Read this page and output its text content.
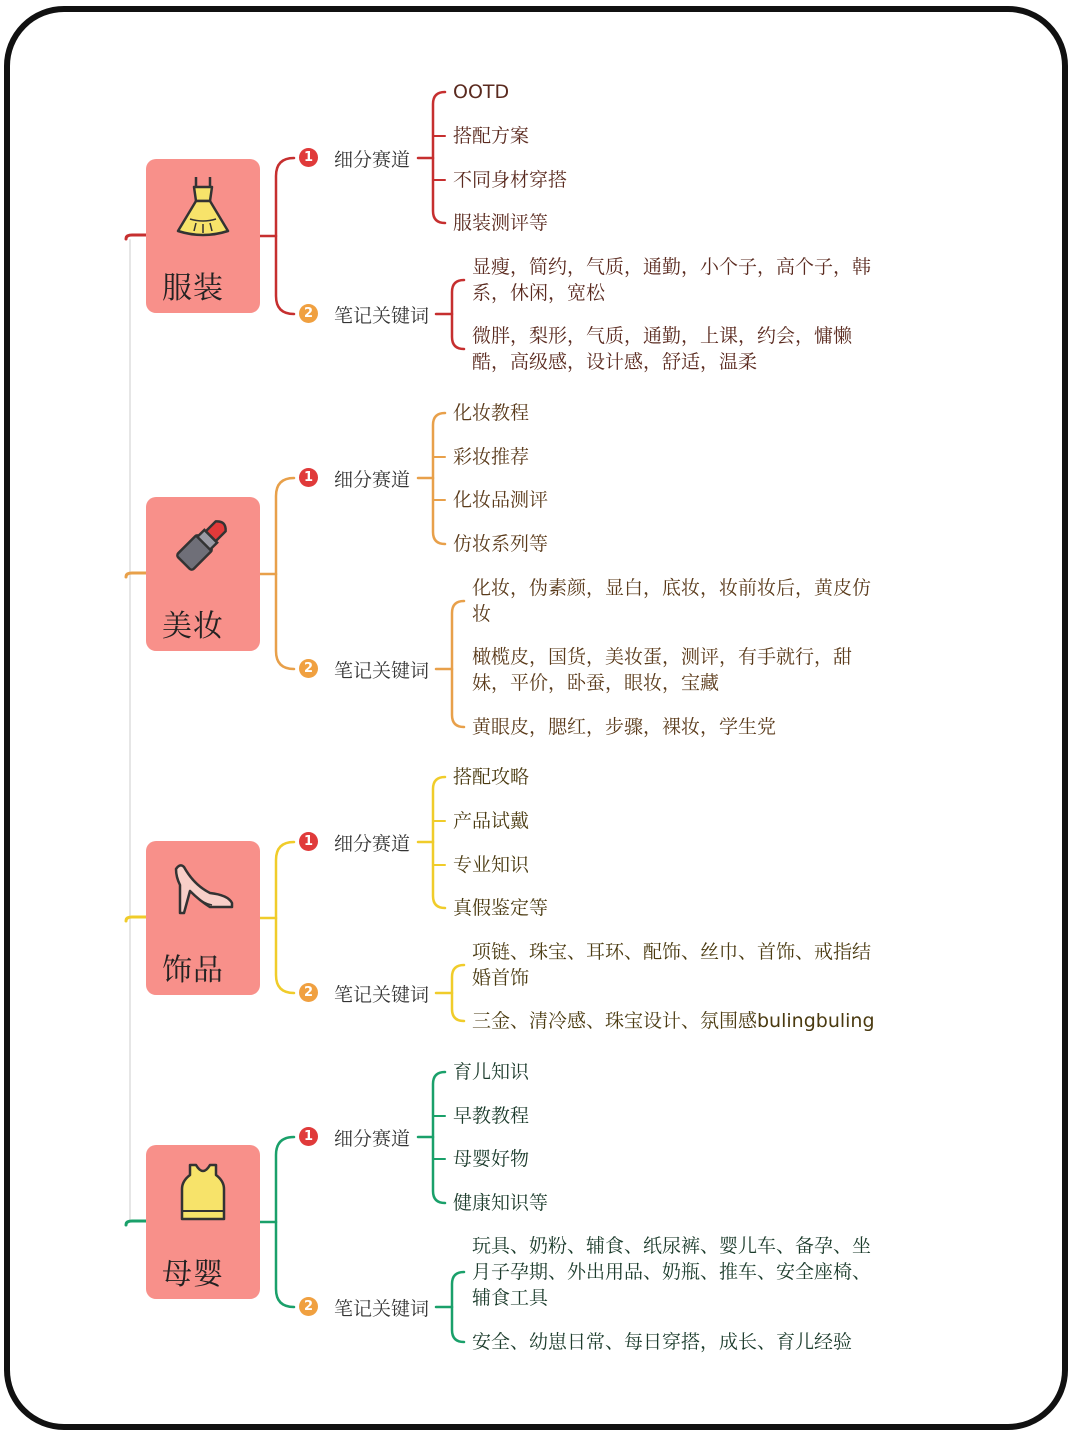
服装
1 细分赛道
OOTD
搭配方案
不同身材穿搭
服装测评等
2 笔记关键词
显瘦，简约，气质，通勤，小个子，高个子，韩
系，休闲，宽松
微胖，梨形，气质，通勤，上课，约会，慵懒
酷，高级感，设计感，舒适，温柔
美妆
1 细分赛道
化妆教程
彩妆推荐
化妆品测评
仿妆系列等
2 笔记关键词
化妆，伪素颜，显白，底妆，妆前妆后，黄皮仿
妆
橄榄皮，国货，美妆蛋，测评，有手就行，甜
妹，平价，卧蚕，眼妆，宝藏
黄眼皮，腮红，步骤，裸妆，学生党
饰品
1 细分赛道
搭配攻略
产品试戴
专业知识
真假鉴定等
2 笔记关键词
项链、珠宝、耳环、配饰、丝巾、首饰、戒指结
婚首饰
三金、清冷感、珠宝设计、氛围感bulingbuling
母婴
1 细分赛道
育儿知识
早教教程
母婴好物
健康知识等
2 笔记关键词
玩具、奶粉、辅食、纸尿裤、婴儿车、备孕、坐
月子孕期、外出用品、奶瓶、推车、安全座椅、
辅食工具
安全、幼崽日常、每日穿搭，成长、育儿经验
